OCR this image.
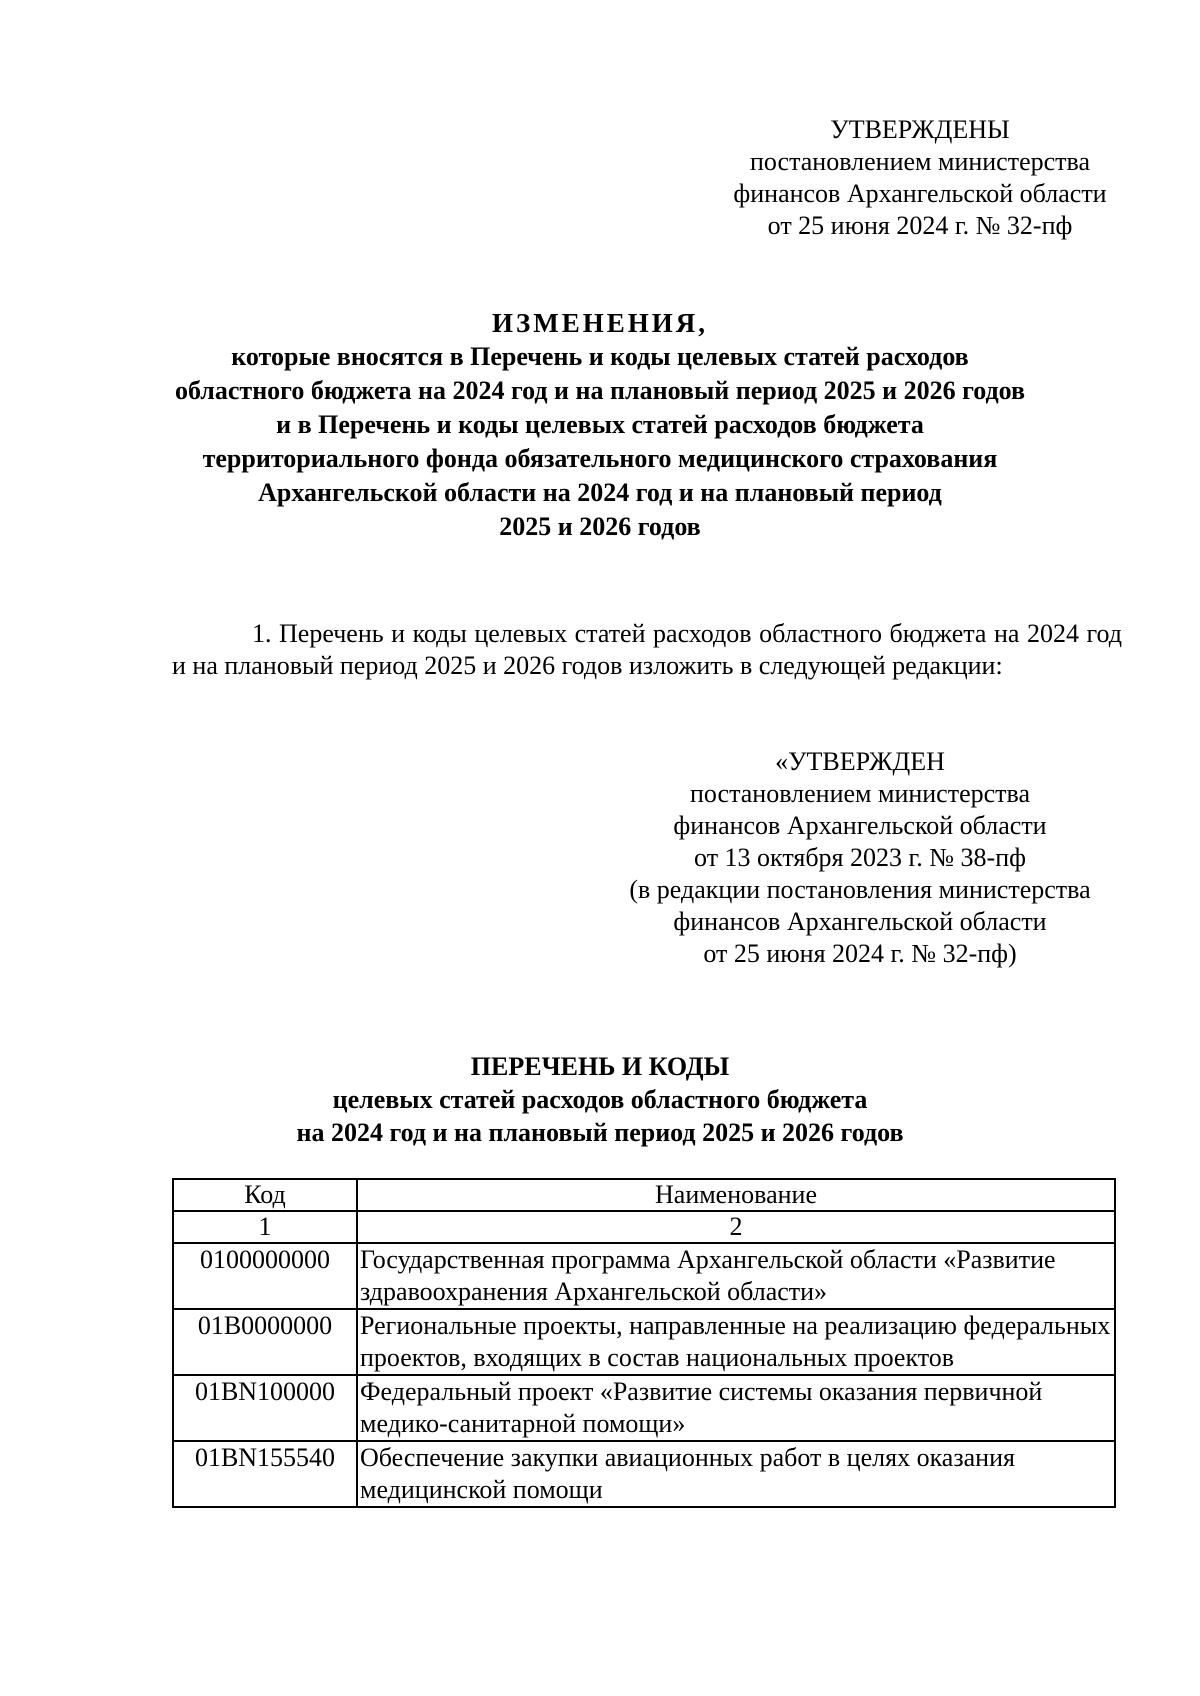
УТВЕРЖДЕНЫ
постановлением министерства
финансов Архангельской области
от 25 июня 2024 г. № 32-пф
ИЗМЕНЕНИЯ,
которые вносятся в Перечень и коды целевых статей расходов
областного бюджета на 2024 год и на плановый период 2025 и 2026 годов
и в Перечень и коды целевых статей расходов бюджета
территориального фонда обязательного медицинского страхования
Архангельской области на 2024 год и на плановый период
2025 и 2026 годов
1. Перечень и коды целевых статей расходов областного бюджета на 2024 год и на плановый период 2025 и 2026 годов изложить в следующей редакции:
«УТВЕРЖДЕН
постановлением министерства
финансов Архангельской области
от 13 октября 2023 г. № 38-пф
(в редакции постановления министерства
финансов Архангельской области
от 25 июня 2024 г. № 32-пф)
ПЕРЕЧЕНЬ И КОДЫ
целевых статей расходов областного бюджета
на 2024 год и на плановый период 2025 и 2026 годов
Код	Наименование
1	2
0100000000	Государственная программа Архангельской области «Развитие здравоохранения Архангельской области»
01В0000000	Региональные проекты, направленные на реализацию федеральных проектов, входящих в состав национальных проектов
01ВN100000	Федеральный проект «Развитие системы оказания первичной медико-санитарной помощи»
01ВN155540	Обеспечение закупки авиационных работ в целях оказания медицинской помощи
